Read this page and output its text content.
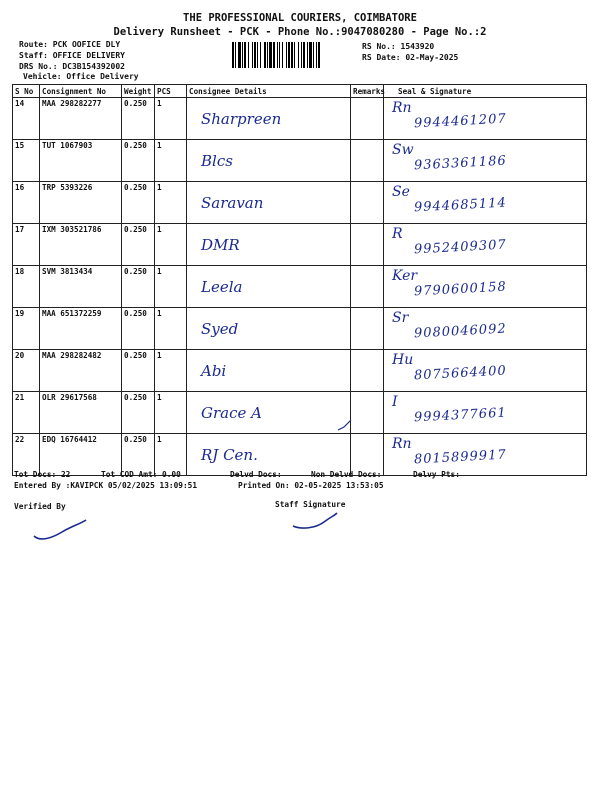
THE PROFESSIONAL COURIERS, COIMBATORE
Delivery Runsheet - PCK - Phone No.:9047080280 - Page No.:2
Route: PCK OOFICE DLY
Staff: OFFICE DELIVERY
DRS No.: DC3B154392002
Vehicle: Office Delivery
RS No.: 1543920
RS Date: 02-May-2025
S No	Consignment No	Weight	PCS	Consignee Details	Remarks	Seal & Signature
14	MAA 298282277	0.250	1	Sharpreen		Rn
9944461207

15	TUT 1067903	0.250	1	Blcs		Sw
9363361186

16	TRP 5393226	0.250	1	Saravan		Se
9944685114

17	IXM 303521786	0.250	1	DMR		R
9952409307

18	SVM 3813434	0.250	1	Leela		Ker
9790600158

19	MAA 651372259	0.250	1	Syed		Sr
9080046092

20	MAA 298282482	0.250	1	Abi		Hu
8075664400

21	OLR 29617568	0.250	1	Grace A		I
9994377661

22	EDQ 16764412	0.250	1	RJ Cen.		Rn
8015899917
Tot Docs: 22	Tot COD Amt: 0.00	Delvd Docs:	Non Delvd Docs:	Delvy Pts:
Entered By :KAVIPCK 05/02/2025 13:09:51	Printed On: 02-05-2025 13:53:05
Verified By	Staff Signature
